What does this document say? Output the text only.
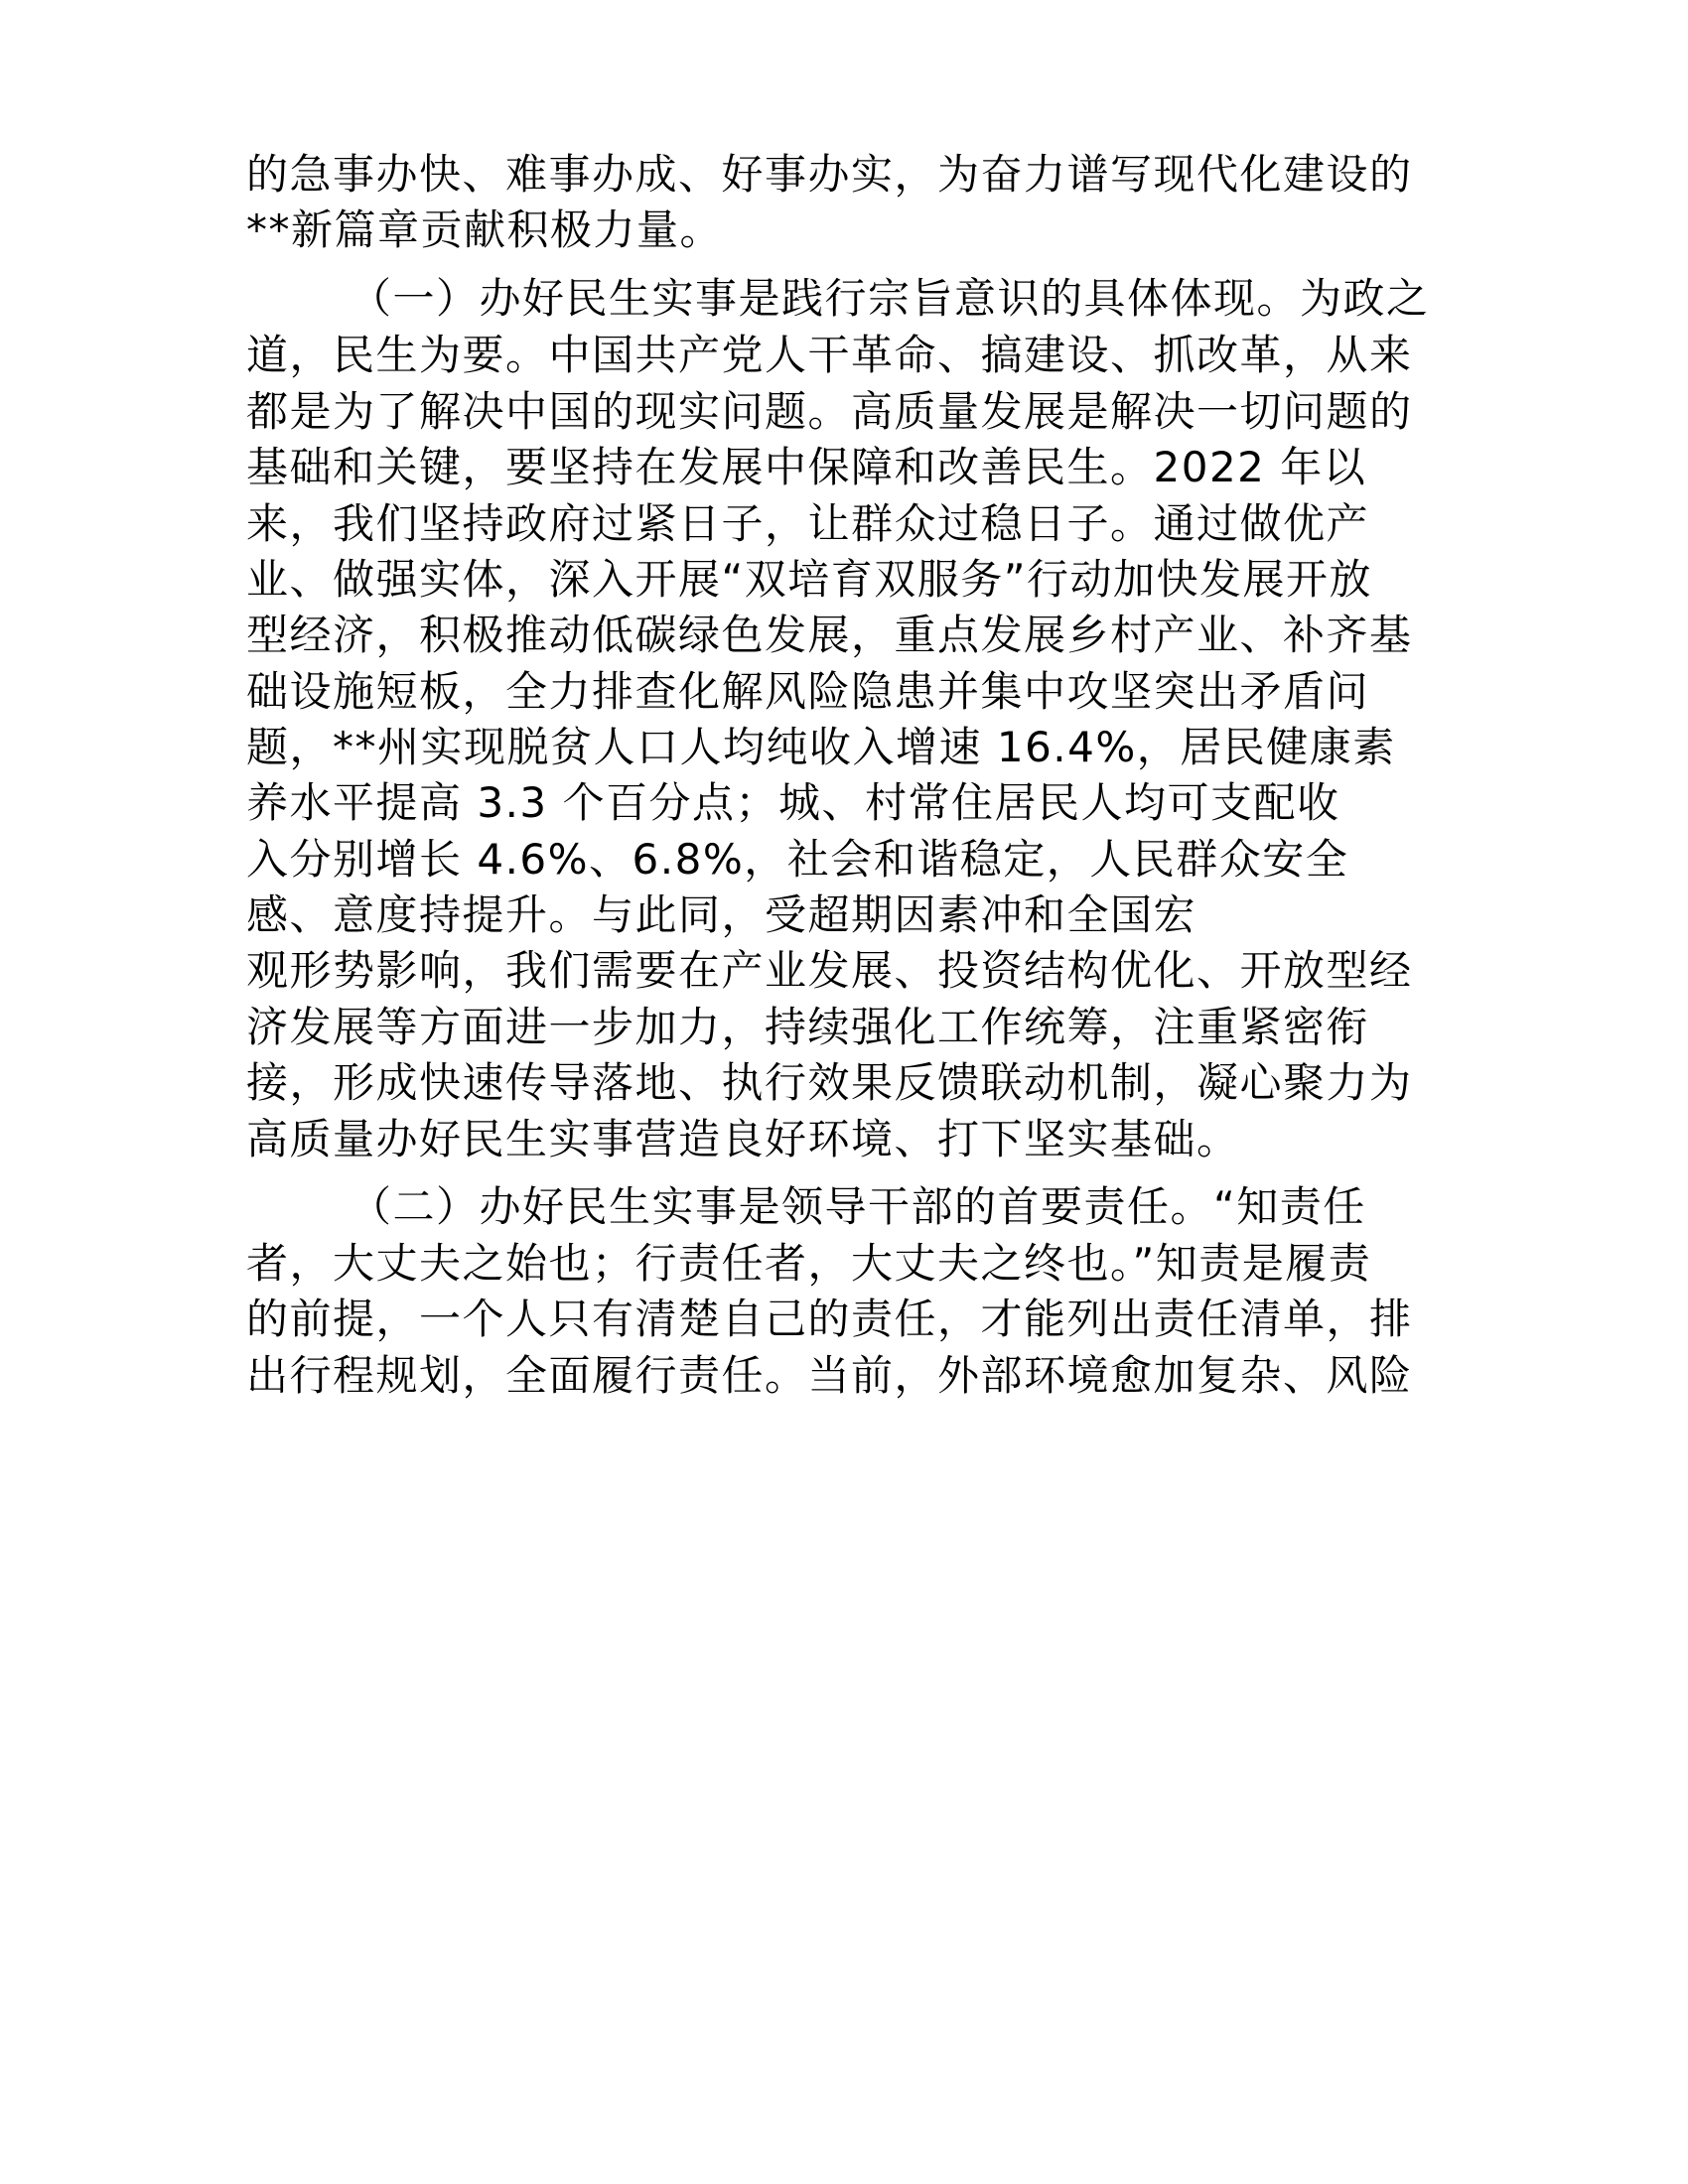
的急事办快、难事办成、好事办实，为奋力谱写现代化建设的
**新篇章贡献积极力量。
（一）办好民生实事是践行宗旨意识的具体体现。为政之
道，民生为要。中国共产党人干革命、搞建设、抓改革，从来
都是为了解决中国的现实问题。高质量发展是解决一切问题的
基础和关键，要坚持在发展中保障和改善民生。2022 年以
来，我们坚持政府过紧日子，让群众过稳日子。通过做优产
业、做强实体，深入开展“双培育双服务”行动加快发展开放
型经济，积极推动低碳绿色发展，重点发展乡村产业、补齐基
础设施短板，全力排查化解风险隐患并集中攻坚突出矛盾问
题，**州实现脱贫人口人均纯收入增速 16.4%，居民健康素
养水平提高 3.3 个百分点；城、村常住居民人均可支配收
入分别增长 4.6%、6.8%，社会和谐稳定，人民群众安全
感、意度持提升。与此同，受超期因素冲和全国宏
观形势影响，我们需要在产业发展、投资结构优化、开放型经
济发展等方面进一步加力，持续强化工作统筹，注重紧密衔
接，形成快速传导落地、执行效果反馈联动机制，凝心聚力为
高质量办好民生实事营造良好环境、打下坚实基础。
（二）办好民生实事是领导干部的首要责任。“知责任
者，大丈夫之始也；行责任者，大丈夫之终也。”知责是履责
的前提，一个人只有清楚自己的责任，才能列出责任清单，排
出行程规划，全面履行责任。当前，外部环境愈加复杂、风险
